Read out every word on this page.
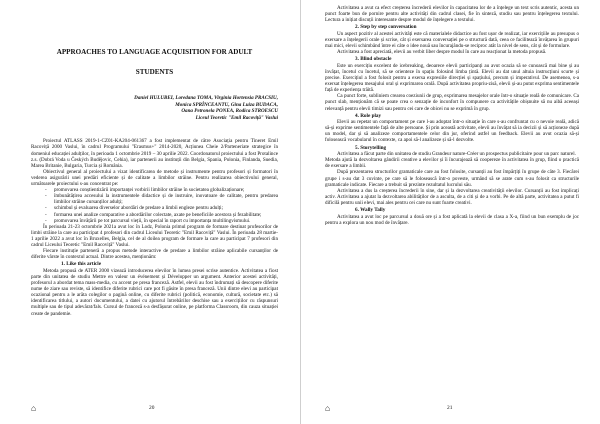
APPROACHES TO LANGUAGE ACQUISITION FOR ADULT
STUDENTS
Daniel HULUBEI, Loredana TOMA, Virginia Hortensia PRACSIU,
Monica SPRÎNCEANTU, Gina Luiza BUDACA,
Oana Petronela PONEA, Rodica STROESCU
Liceul Teoretic "Emil Racoviță" Vaslui

Proiectul ATLASS 2019-1-CZ01-KA204-061367 a fost implementat de către Asociația pentru Tineret Emil Racoviță 2000 Vaslui, în cadrul Programului "Erasmus+" 2014-2020, Acțiunea Cheie 2/Parteneriate strategice în domeniul educației adulților, în perioada 1 octombrie 2019 – 30 aprilie 2022. Coordonatorul proiectului a fost Protalince z.s. (Dobrá Voda u Českých Budějovic, Cehia), iar partenerii au instituții din Belgia, Spania, Polonia, Finlanda, Suedia, Marea Britanie, Bulgaria, Turcia și România.

Obiectivul general al proiectului a vizat identificarea de metode și instrumente pentru profesori și formatori în vederea asigurării unei predări eficiente și de calitate a limbilor străine. Pentru realizarea obiectivului general, următoarele proiectului s-au concentrat pe:

- promovarea conștientizării importanței vorbirii limbilor străine în societatea globalizaționare;
- îmbunătățirea accesului la instrumentele didactice și de instruire, inovatoare de calitate, pentru predarea limbilor străine cursanților adulți;
- schimbul și evaluarea diverselor abordări de predare a limbii engleze pentru adulți;
- formarea unei analize comparative a abordărilor colectate, axate pe beneficiile acestora și fezabilitate;
- promovarea învățării pe tot parcursul vieții, în special în raport cu importanța multilingvismului.

În perioada 21-23 octombrie 2021a avut loc în Lodz, Polonia primul program de formare destinat profesorilor de limbi străine la care au participat 4 profesori din cadrul Liceului Teoretic "Emil Racoviță" Vaslui. În perioada 28 martie-1 aprilie 2022 a avut loc în Bruxelles, Belgia, cel de al doilea program de formare la care au participat 7 profesori din cadrul Liceului Teoretic "Emil Racoviță" Vaslui.

Fiecare instituție parteneră a propus metode interactive de predare a limbilor străine aplicabile cursanților de diferite vârste în contextul actual. Dintre acestea, menționăm:

1. Like this article

Metoda propusă de ATER 2000 vizează introducerea elevilor în lumea presei scrise autentice. Activitatea a fiost parte din unitatea de studiu Mettre en valeur un événement și Développer un argument. Anterior acestei activități, profesorul a abordat tema mass-media, cu accent pe presa franceză. Astfel, elevii au fost îndrumați să descopere diferite nume de ziare sau reviste, să identifice diferite rubrici care pot fi găsite în presa franceză. Unii dintre elevi au participat ocazional pentru a le arăta colegilor o pagină online, cu diferite rubrici (politică, economie, cultură, societate etc.) să identificarea titlului, a autori documentului, a datei cu ajutorul întrebărilor deschise sau a exercițiilor cu răspunsuri multiple sau de tipul adevărat/fals. Cursul de franceză s-a desfășurat online, pe platforma Classroom, din cauza situației create de pandemie.

⌂	20

Activitatea a avut ca efect creșterea încrederii elevilor în capacitatea lor de a înțelege un text scris autentic, acesta un punct foarte bun de pornire pentru alte activități din cadrul clasei, fie în sinteză, studiu sau pentru înțelegerea textului. Lectura a inițiat discuții interesante despre modul de înțelegere a textului.

2. Step by step conversation

Un aspect pozitiv al acestei activități este că materialele didactice au fost ușor de realizat, iar exercițiile au presupus o exersare a înțelegerii orale și scrise, cât și exersarea conversației pe o structură dată, ceea ce facilitează învățarea în grupuri mai mici, elevii schimbând între ei câte o idee nouă sau încurajându-se reciproc atât la nivel de sens, cât și de formulare.

Activitatea a fost apreciată, elevii au verbit liber despre modul în care au reacționat la metoda propusă.

3. Blind obstacle

Este un exercițiu excelent de icebreaking, deoarece elevii participanți au avut ocazia să se cunoască mai bine și au învățat, încetul cu încetul, să se orienteze în spațiu folosind limba țintă. Elevii au dat unul altuia instrucțiuni scurte și precise. Exercițiul a fost folosit pentru a exersa expresiile direcției și spațiului, precum și imperativul. De asemenea, s-a exersat înțelegerea mesajului oral și exprimarea orală. După activitatea propriu-zisă, elevii și-au putut exprima sentimentele față de experiența trăită.

Ca punct forte, subliniem crearea coeziunii de grup, exprimarea mesajelor orale într-o situație reală de comunicare. Ca punct slab, menționăm că se poate crea o senzație de inconfort în compunere ca activitățile obișnuite să nu aibă aceeași relevanță pentru elevii timizi sau pentru cei care de obicei nu se exprimă în grup.

4. Role play

Elevii au repetat un comportament pe care l-au adoptat într-o situație în care s-au confruntat cu o nevoie reală, adică să-și exprime sentimentele față de alte persoane. Și prin această activitate, elevii au învățat să ia decizii și să acționeze după un model, dar și să analizeze comportamentele celor din jur, oferind astfel un feedback. Elevii au avut ocazia să-și folosească vocabularul în contexte, ca apoi să-l analizeze și să-l dezvolte.

5. Storytelling

Activitatea a făcut parte din unitatea de studiu Grandeur nature-Créer un prospectus publicitaire pour un parc naturel.

Metoda ajută la dezvoltarea gândirii creative a elevilor și îi încurajează să coopereze în activitatea în grup, fiind o practică de exersare a limbii.

După prezentarea structurilor gramaticale care au fost folosite, cursanții au fost împărțiți în grupe de câte 3. Fiecărei grupe i s-au dat 3 cuvinte, pe care să le folosească într-o poveste, urmând să se arate cum s-au folosit ca structurile gramaticale indicate. Fiecare a trebuit să prezinte rezultatul lucrului său.

Activitatea a dus la creșterea încrederii în sine, dar și la dezvoltarea creativității elevilor. Cursanții au fost implicați activ. Activitatea a ajutat la dezvoltarea abilităților de a asculta, de a citi și de a vorbi. Pe de altă parte, activitatea a putut fi dificilă pentru unii elevi, mai ales pentru cei care nu sunt foarte creativi.

6. Wally Tally

Activitatea a avut loc pe parcursul a două ore și a fost aplicată la elevii de clasa a X-a, fiind un bun exemplu de joc pentru a explora un nou mod de învățare.

⌂	21
